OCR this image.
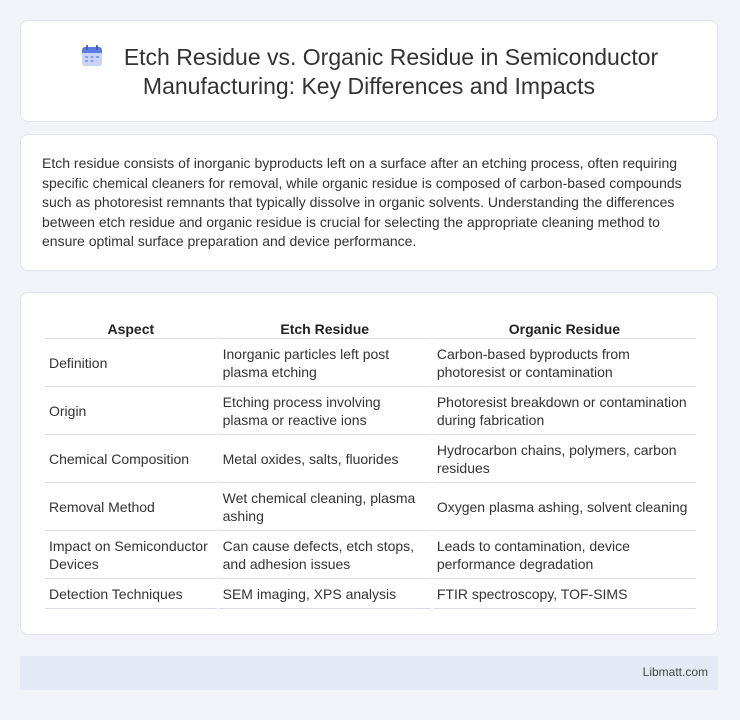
Etch Residue vs. Organic Residue in Semiconductor Manufacturing: Key Differences and Impacts
Etch residue consists of inorganic byproducts left on a surface after an etching process, often requiring specific chemical cleaners for removal, while organic residue is composed of carbon-based compounds such as photoresist remnants that typically dissolve in organic solvents. Understanding the differences between etch residue and organic residue is crucial for selecting the appropriate cleaning method to ensure optimal surface preparation and device performance.
Aspect	Etch Residue	Organic Residue
Definition	Inorganic particles left post plasma etching	Carbon-based byproducts from photoresist or contamination
Origin	Etching process involving plasma or reactive ions	Photoresist breakdown or contamination during fabrication
Chemical Composition	Metal oxides, salts, fluorides	Hydrocarbon chains, polymers, carbon residues
Removal Method	Wet chemical cleaning, plasma ashing	Oxygen plasma ashing, solvent cleaning
Impact on Semiconductor Devices	Can cause defects, etch stops, and adhesion issues	Leads to contamination, device performance degradation
Detection Techniques	SEM imaging, XPS analysis	FTIR spectroscopy, TOF-SIMS
Libmatt.com
